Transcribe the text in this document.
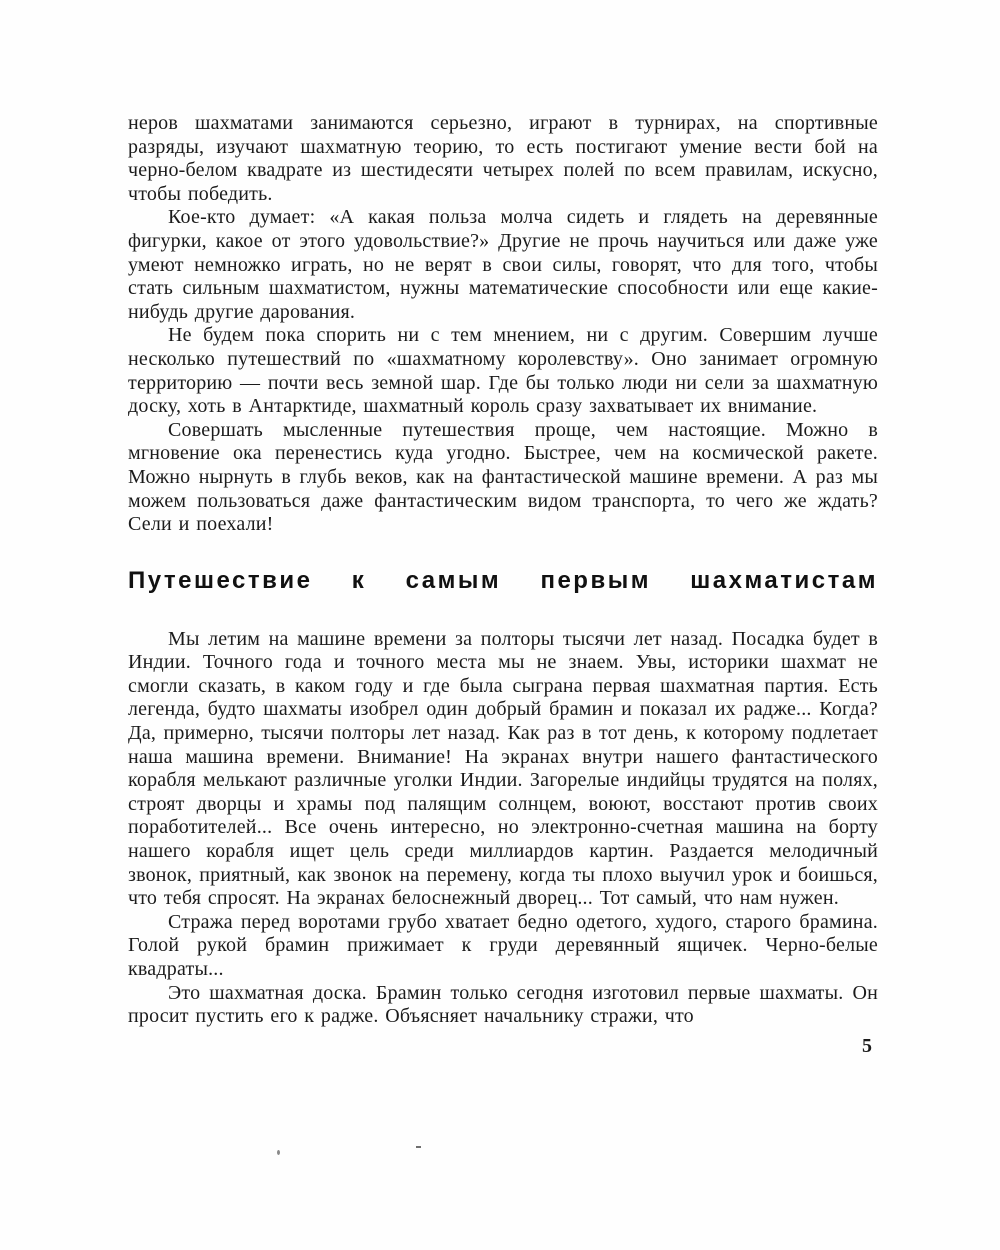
неров шахматами занимаются серьезно, играют в турнирах, на спортивные разряды, изучают шахматную теорию, то есть постигают умение вести бой на черно-белом квадрате из шестидесяти четырех полей по всем правилам, искусно, чтобы победить.

Кое-кто думает: «А какая польза молча сидеть и глядеть на деревянные фигурки, какое от этого удовольствие?» Другие не прочь научиться или даже уже умеют немножко играть, но не верят в свои силы, говорят, что для того, чтобы стать сильным шахматистом, нужны математические способности или еще какие-нибудь другие дарования.

Не будем пока спорить ни с тем мнением, ни с другим. Совершим лучше несколько путешествий по «шахматному королевству». Оно занимает огромную территорию — почти весь земной шар. Где бы только люди ни сели за шахматную доску, хоть в Антарктиде, шахматный король сразу захватывает их внимание.

Совершать мысленные путешествия проще, чем настоящие. Можно в мгновение ока перенестись куда угодно. Быстрее, чем на космической ракете. Можно нырнуть в глубь веков, как на фантастической машине времени. А раз мы можем пользоваться даже фантастическим видом транспорта, то чего же ждать? Сели и поехали!

Путешествие к самым первым шахматистам

Мы летим на машине времени за полторы тысячи лет назад. Посадка будет в Индии. Точного года и точного места мы не знаем. Увы, историки шахмат не смогли сказать, в каком году и где была сыграна первая шахматная партия. Есть легенда, будто шахматы изобрел один добрый брамин и показал их радже... Когда? Да, примерно, тысячи полторы лет назад. Как раз в тот день, к которому подлетает наша машина времени. Внимание! На экранах внутри нашего фантастического корабля мелькают различные уголки Индии. Загорелые индийцы трудятся на полях, строят дворцы и храмы под палящим солнцем, воюют, восстают против своих поработителей... Все очень интересно, но электронно-счетная машина на борту нашего корабля ищет цель среди миллиардов картин. Раздается мелодичный звонок, приятный, как звонок на перемену, когда ты плохо выучил урок и боишься, что тебя спросят. На экранах белоснежный дворец... Тот самый, что нам нужен.

Стража перед воротами грубо хватает бедно одетого, худого, старого брамина. Голой рукой брамин прижимает к груди деревянный ящичек. Черно-белые квадраты...

Это шахматная доска. Брамин только сегодня изготовил первые шахматы. Он просит пустить его к радже. Объясняет начальнику стражи, что

5
